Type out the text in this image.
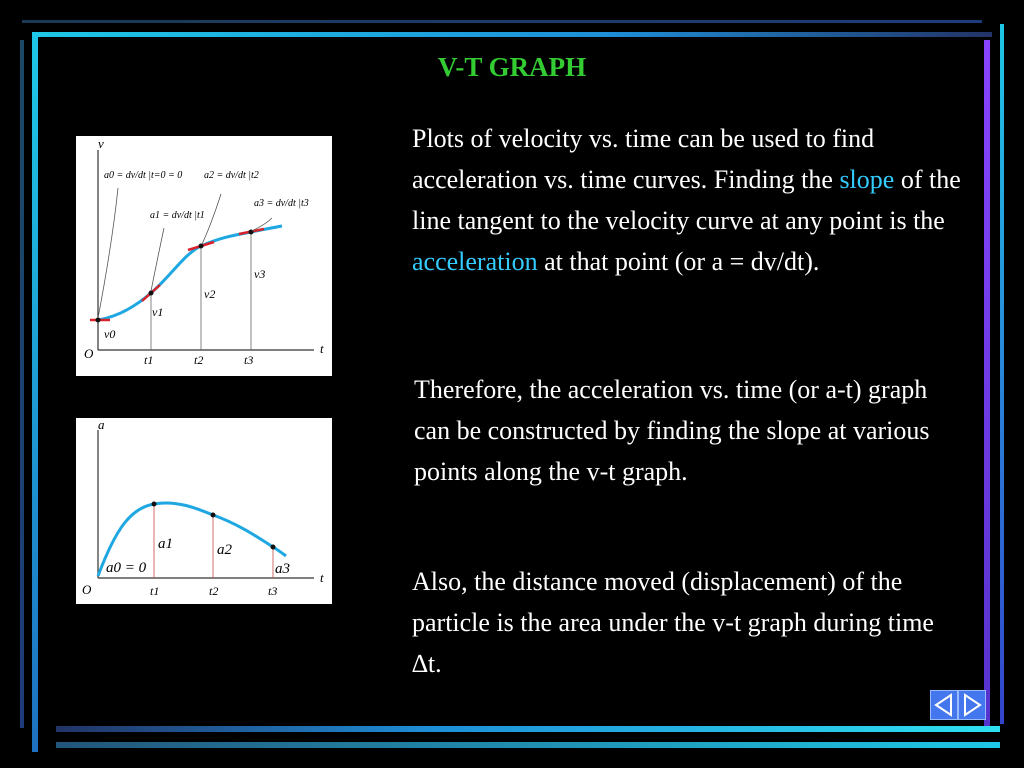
V-T GRAPH
v
t
O
v0
v1
v2
v3
t1	t2	t3
a0 = dv/dt |t=0 = 0
a1 = dv/dt |t1
a2 = dv/dt |t2
a3 = dv/dt |t3
a
t
O
a0 = 0
a1	a2
a3
t1	t2	t3
Plots of velocity vs. time can be used to find acceleration vs. time curves. Finding the slope of the line tangent to the velocity curve at any point is the acceleration at that point (or a = dv/dt).
Therefore, the acceleration vs. time (or a-t) graph can be constructed by finding the slope at various points along the v-t graph.
Also, the distance moved (displacement) of the particle is the area under the v-t graph during time ∆t.
